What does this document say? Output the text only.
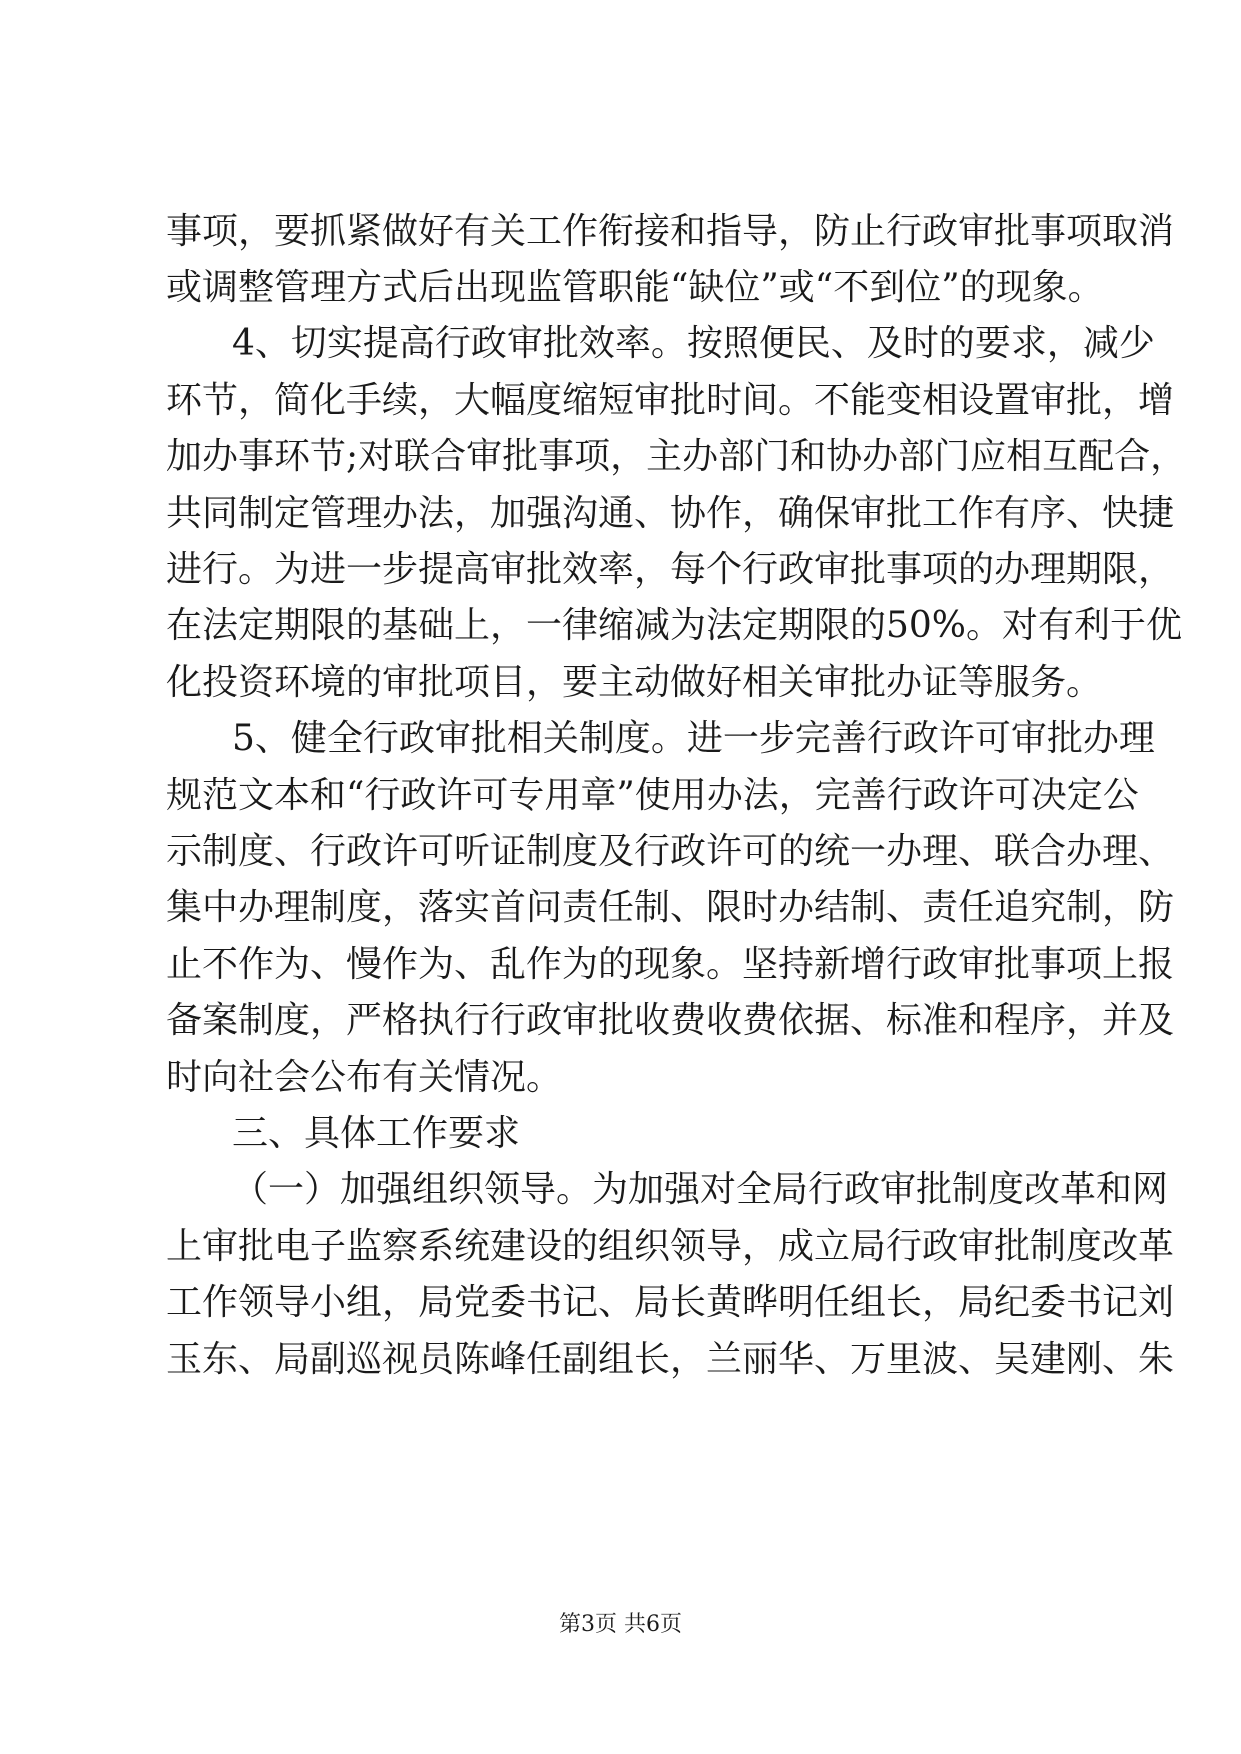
事项，要抓紧做好有关工作衔接和指导，防止行政审批事项取消
或调整管理方式后出现监管职能“缺位”或“不到位”的现象。
4、切实提高行政审批效率。按照便民、及时的要求，减少
环节，简化手续，大幅度缩短审批时间。不能变相设置审批，增
加办事环节;对联合审批事项，主办部门和协办部门应相互配合，
共同制定管理办法，加强沟通、协作，确保审批工作有序、快捷
进行。为进一步提高审批效率，每个行政审批事项的办理期限，
在法定期限的基础上，一律缩减为法定期限的50%。对有利于优
化投资环境的审批项目，要主动做好相关审批办证等服务。
5、健全行政审批相关制度。进一步完善行政许可审批办理
规范文本和“行政许可专用章”使用办法，完善行政许可决定公
示制度、行政许可听证制度及行政许可的统一办理、联合办理、
集中办理制度，落实首问责任制、限时办结制、责任追究制，防
止不作为、慢作为、乱作为的现象。坚持新增行政审批事项上报
备案制度，严格执行行政审批收费收费依据、标准和程序，并及
时向社会公布有关情况。
三、具体工作要求
（一）加强组织领导。为加强对全局行政审批制度改革和网
上审批电子监察系统建设的组织领导，成立局行政审批制度改革
工作领导小组，局党委书记、局长黄晔明任组长，局纪委书记刘
玉东、局副巡视员陈峰任副组长，兰丽华、万里波、吴建刚、朱
第3页 共6页
